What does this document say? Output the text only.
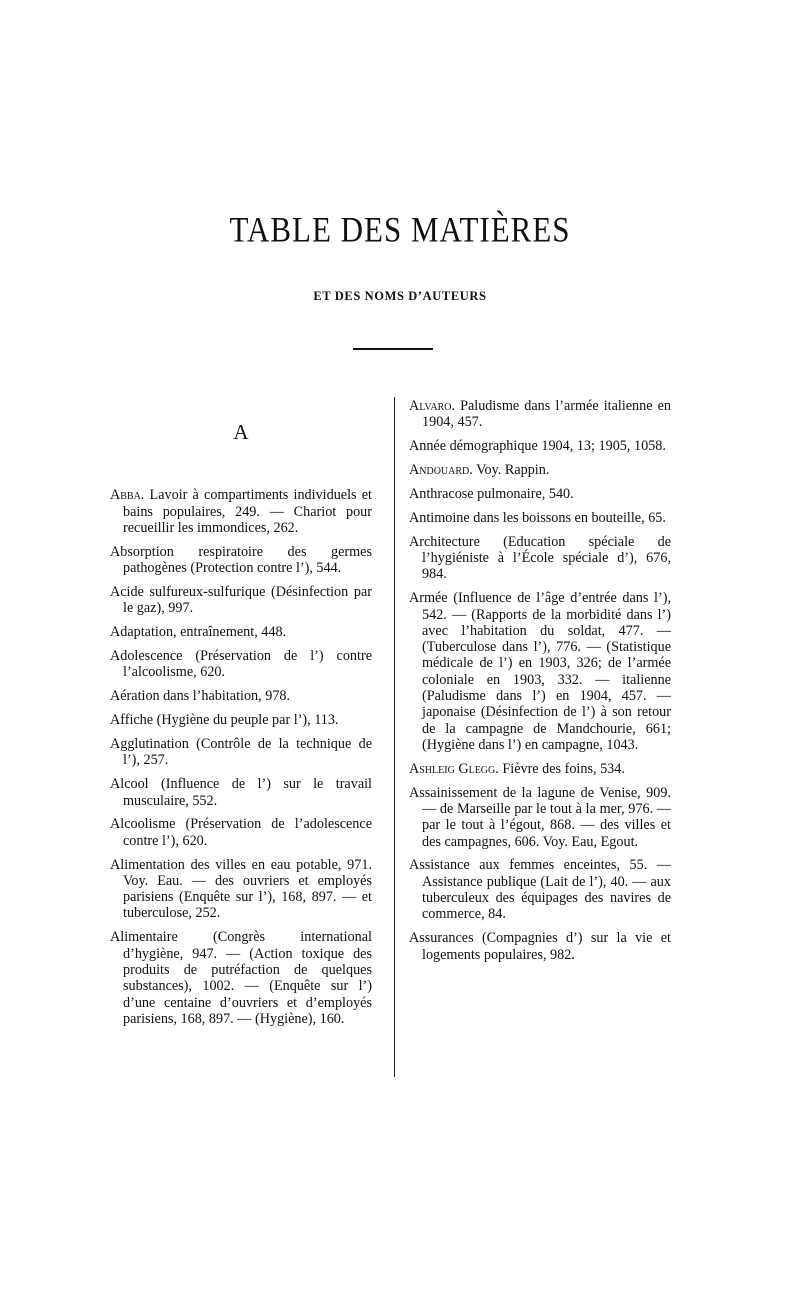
TABLE DES MATIÈRES
ET DES NOMS D’AUTEURS
A

Abba. Lavoir à compartiments individuels et bains populaires, 249. — Chariot pour recueillir les immondices, 262.

Absorption respiratoire des germes pathogènes (Protection contre l’), 544.

Acide sulfureux-sulfurique (Désinfection par le gaz), 997.

Adaptation, entraînement, 448.

Adolescence (Préservation de l’) contre l’alcoolisme, 620.

Aération dans l’habitation, 978.

Affiche (Hygiène du peuple par l’), 113.

Agglutination (Contrôle de la technique de l’), 257.

Alcool (Influence de l’) sur le travail musculaire, 552.

Alcoolisme (Préservation de l’adolescence contre l’), 620.

Alimentation des villes en eau potable, 971. Voy. Eau. — des ouvriers et employés parisiens (Enquête sur l’), 168, 897. — et tuberculose, 252.

Alimentaire (Congrès international d’hygiène, 947. — (Action toxique des produits de putréfaction de quelques substances), 1002. — (Enquête sur l’) d’une centaine d’ouvriers et d’employés parisiens, 168, 897. — (Hygiène), 160.

Alvaro. Paludisme dans l’armée italienne en 1904, 457.

Année démographique 1904, 13; 1905, 1058.

Andouard. Voy. Rappin.

Anthracose pulmonaire, 540.

Antimoine dans les boissons en bouteille, 65.

Architecture (Education spéciale de l’hygiéniste à l’École spéciale d’), 676, 984.

Armée (Influence de l’âge d’entrée dans l’), 542. — (Rapports de la morbidité dans l’) avec l’habitation du soldat, 477. — (Tuberculose dans l’), 776. — (Statistique médicale de l’) en 1903, 326; de l’armée coloniale en 1903, 332. — italienne (Paludisme dans l’) en 1904, 457. — japonaise (Désinfection de l’) à son retour de la campagne de Mandchourie, 661; (Hygiène dans l’) en campagne, 1043.

Ashleig Glegg. Fièvre des foins, 534.

Assainissement de la lagune de Venise, 909. — de Marseille par le tout à la mer, 976. — par le tout à l’égout, 868. — des villes et des campagnes, 606. Voy. Eau, Egout.

Assistance aux femmes enceintes, 55. — Assistance publique (Lait de l’), 40. — aux tuberculeux des équipages des navires de commerce, 84.

Assurances (Compagnies d’) sur la vie et logements populaires, 982.
